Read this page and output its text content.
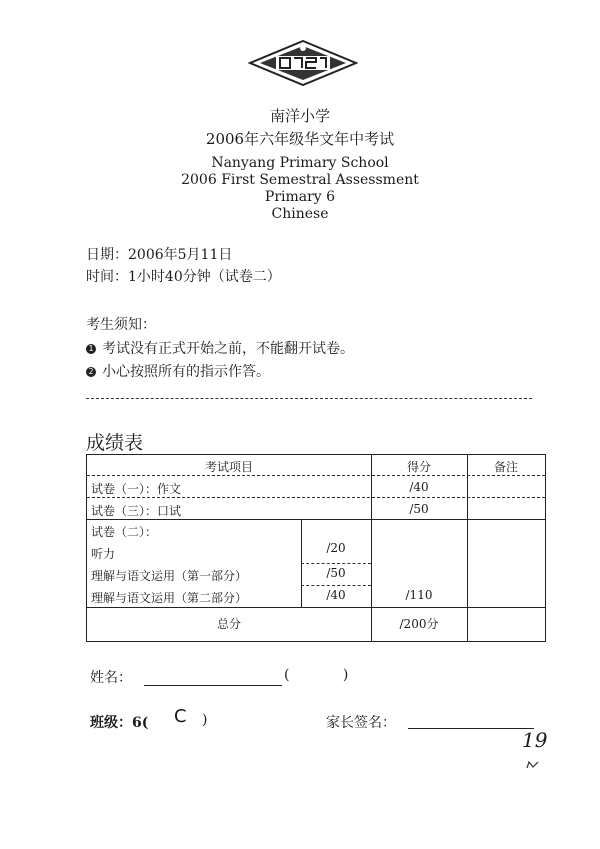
南洋小学
2006年六年级华文年中考试
Nanyang Primary School
2006 First Semestral Assessment
Primary 6
Chinese
日期：2006年5月11日
时间：1小时40分钟（试卷二）
考生须知：
1 考试没有正式开始之前，不能翻开试卷。
2 小心按照所有的指示作答。
成绩表
考试项目	得分	备注
试卷（一）：作文	/40
试卷（三）：口试	/50
试卷（二）：
听力	/20
理解与语文运用（第一部分）	/50
理解与语文运用（第二部分）	/40	/110
总分	/200分
姓名：	(            )
班级：6( C )	家长签名：
19
